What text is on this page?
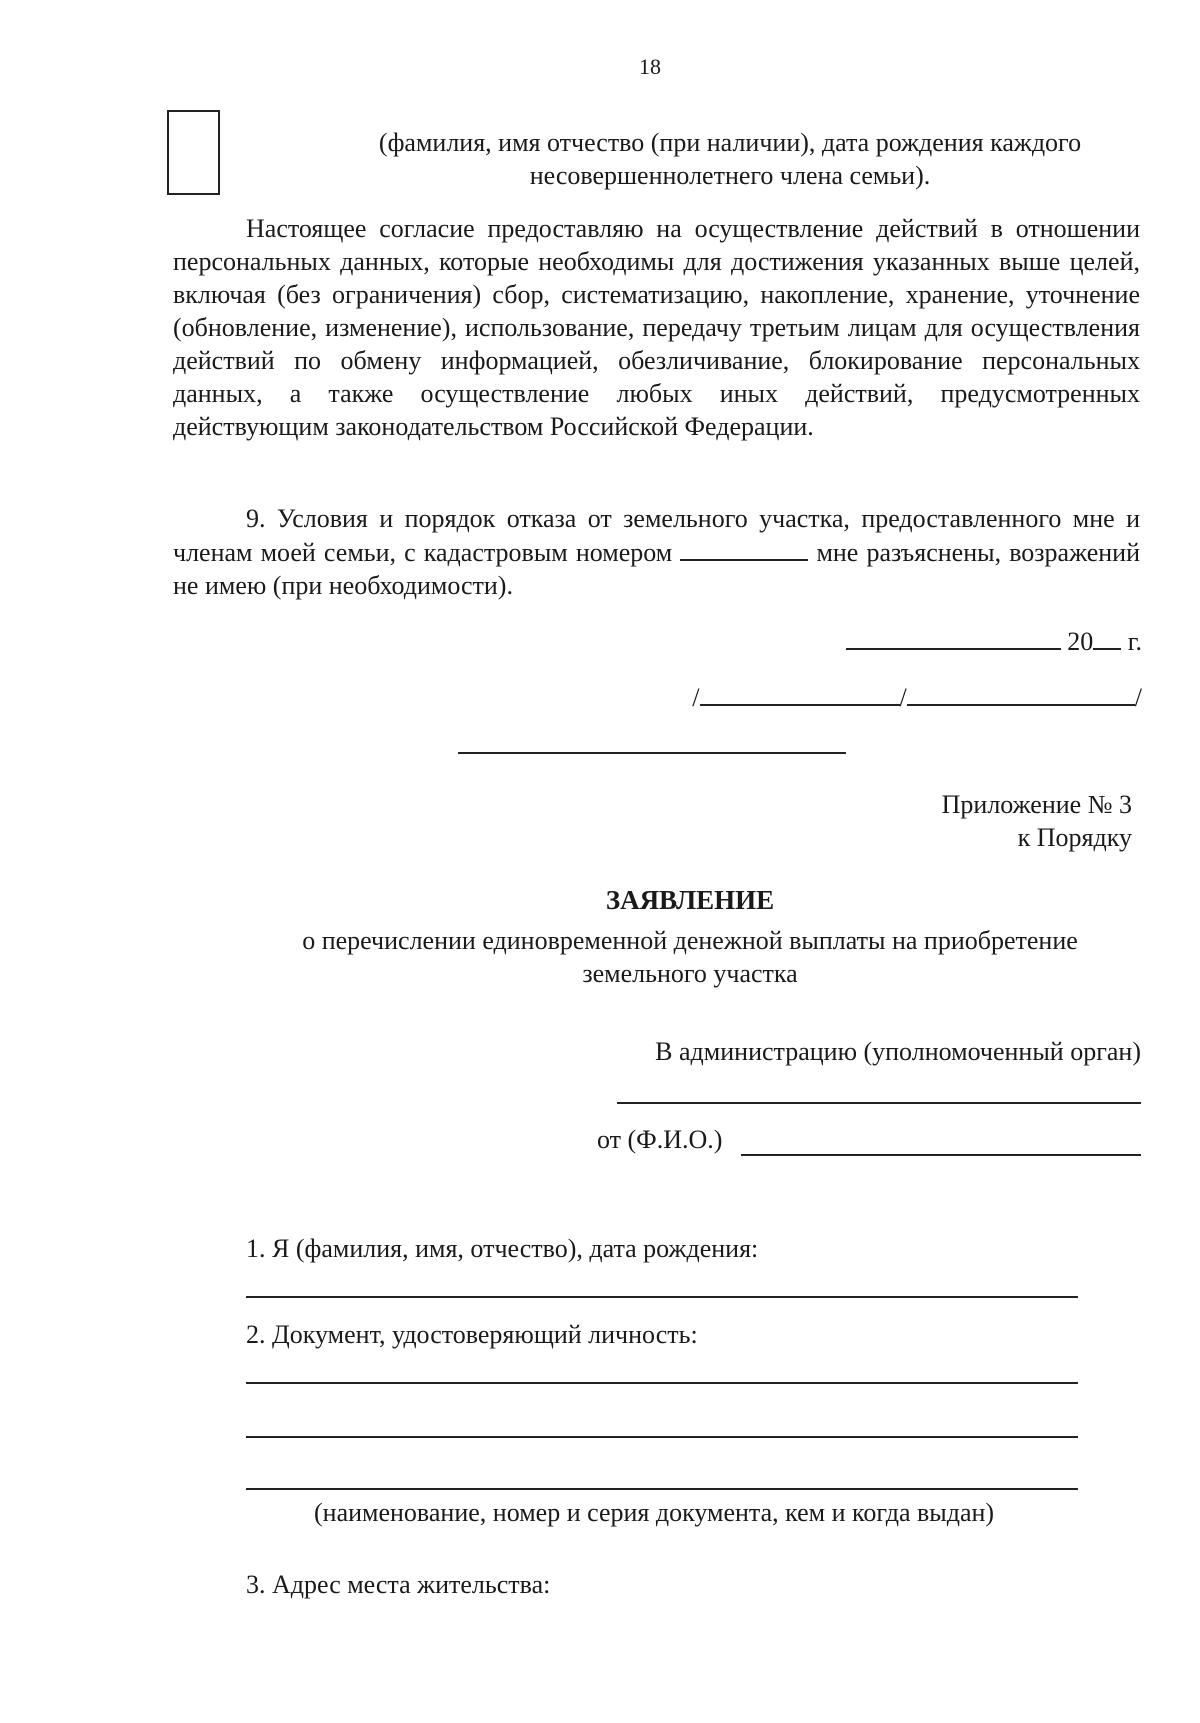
18
(фамилия, имя отчество (при наличии), дата рождения каждого несовершеннолетнего члена семьи).
Настоящее согласие предоставляю на осуществление действий в отношении персональных данных, которые необходимы для достижения указанных выше целей, включая (без ограничения) сбор, систематизацию, накопление, хранение, уточнение (обновление, изменение), использование, передачу третьим лицам для осуществления действий по обмену информацией, обезличивание, блокирование персональных данных, а также осуществление любых иных действий, предусмотренных действующим законодательством Российской Федерации.
9. Условия и порядок отказа от земельного участка, предоставленного мне и членам моей семьи, с кадастровым номером	мне разъяснены, возражений не имею (при необходимости).
20 г.
/	/	/
Приложение № 3
к Порядку
ЗАЯВЛЕНИЕ
о перечислении единовременной денежной выплаты на приобретение земельного участка
В администрацию (уполномоченный орган)
от (Ф.И.О.)
1. Я (фамилия, имя, отчество), дата рождения:
2. Документ, удостоверяющий личность:
(наименование, номер и серия документа, кем и когда выдан)
3. Адрес места жительства:
